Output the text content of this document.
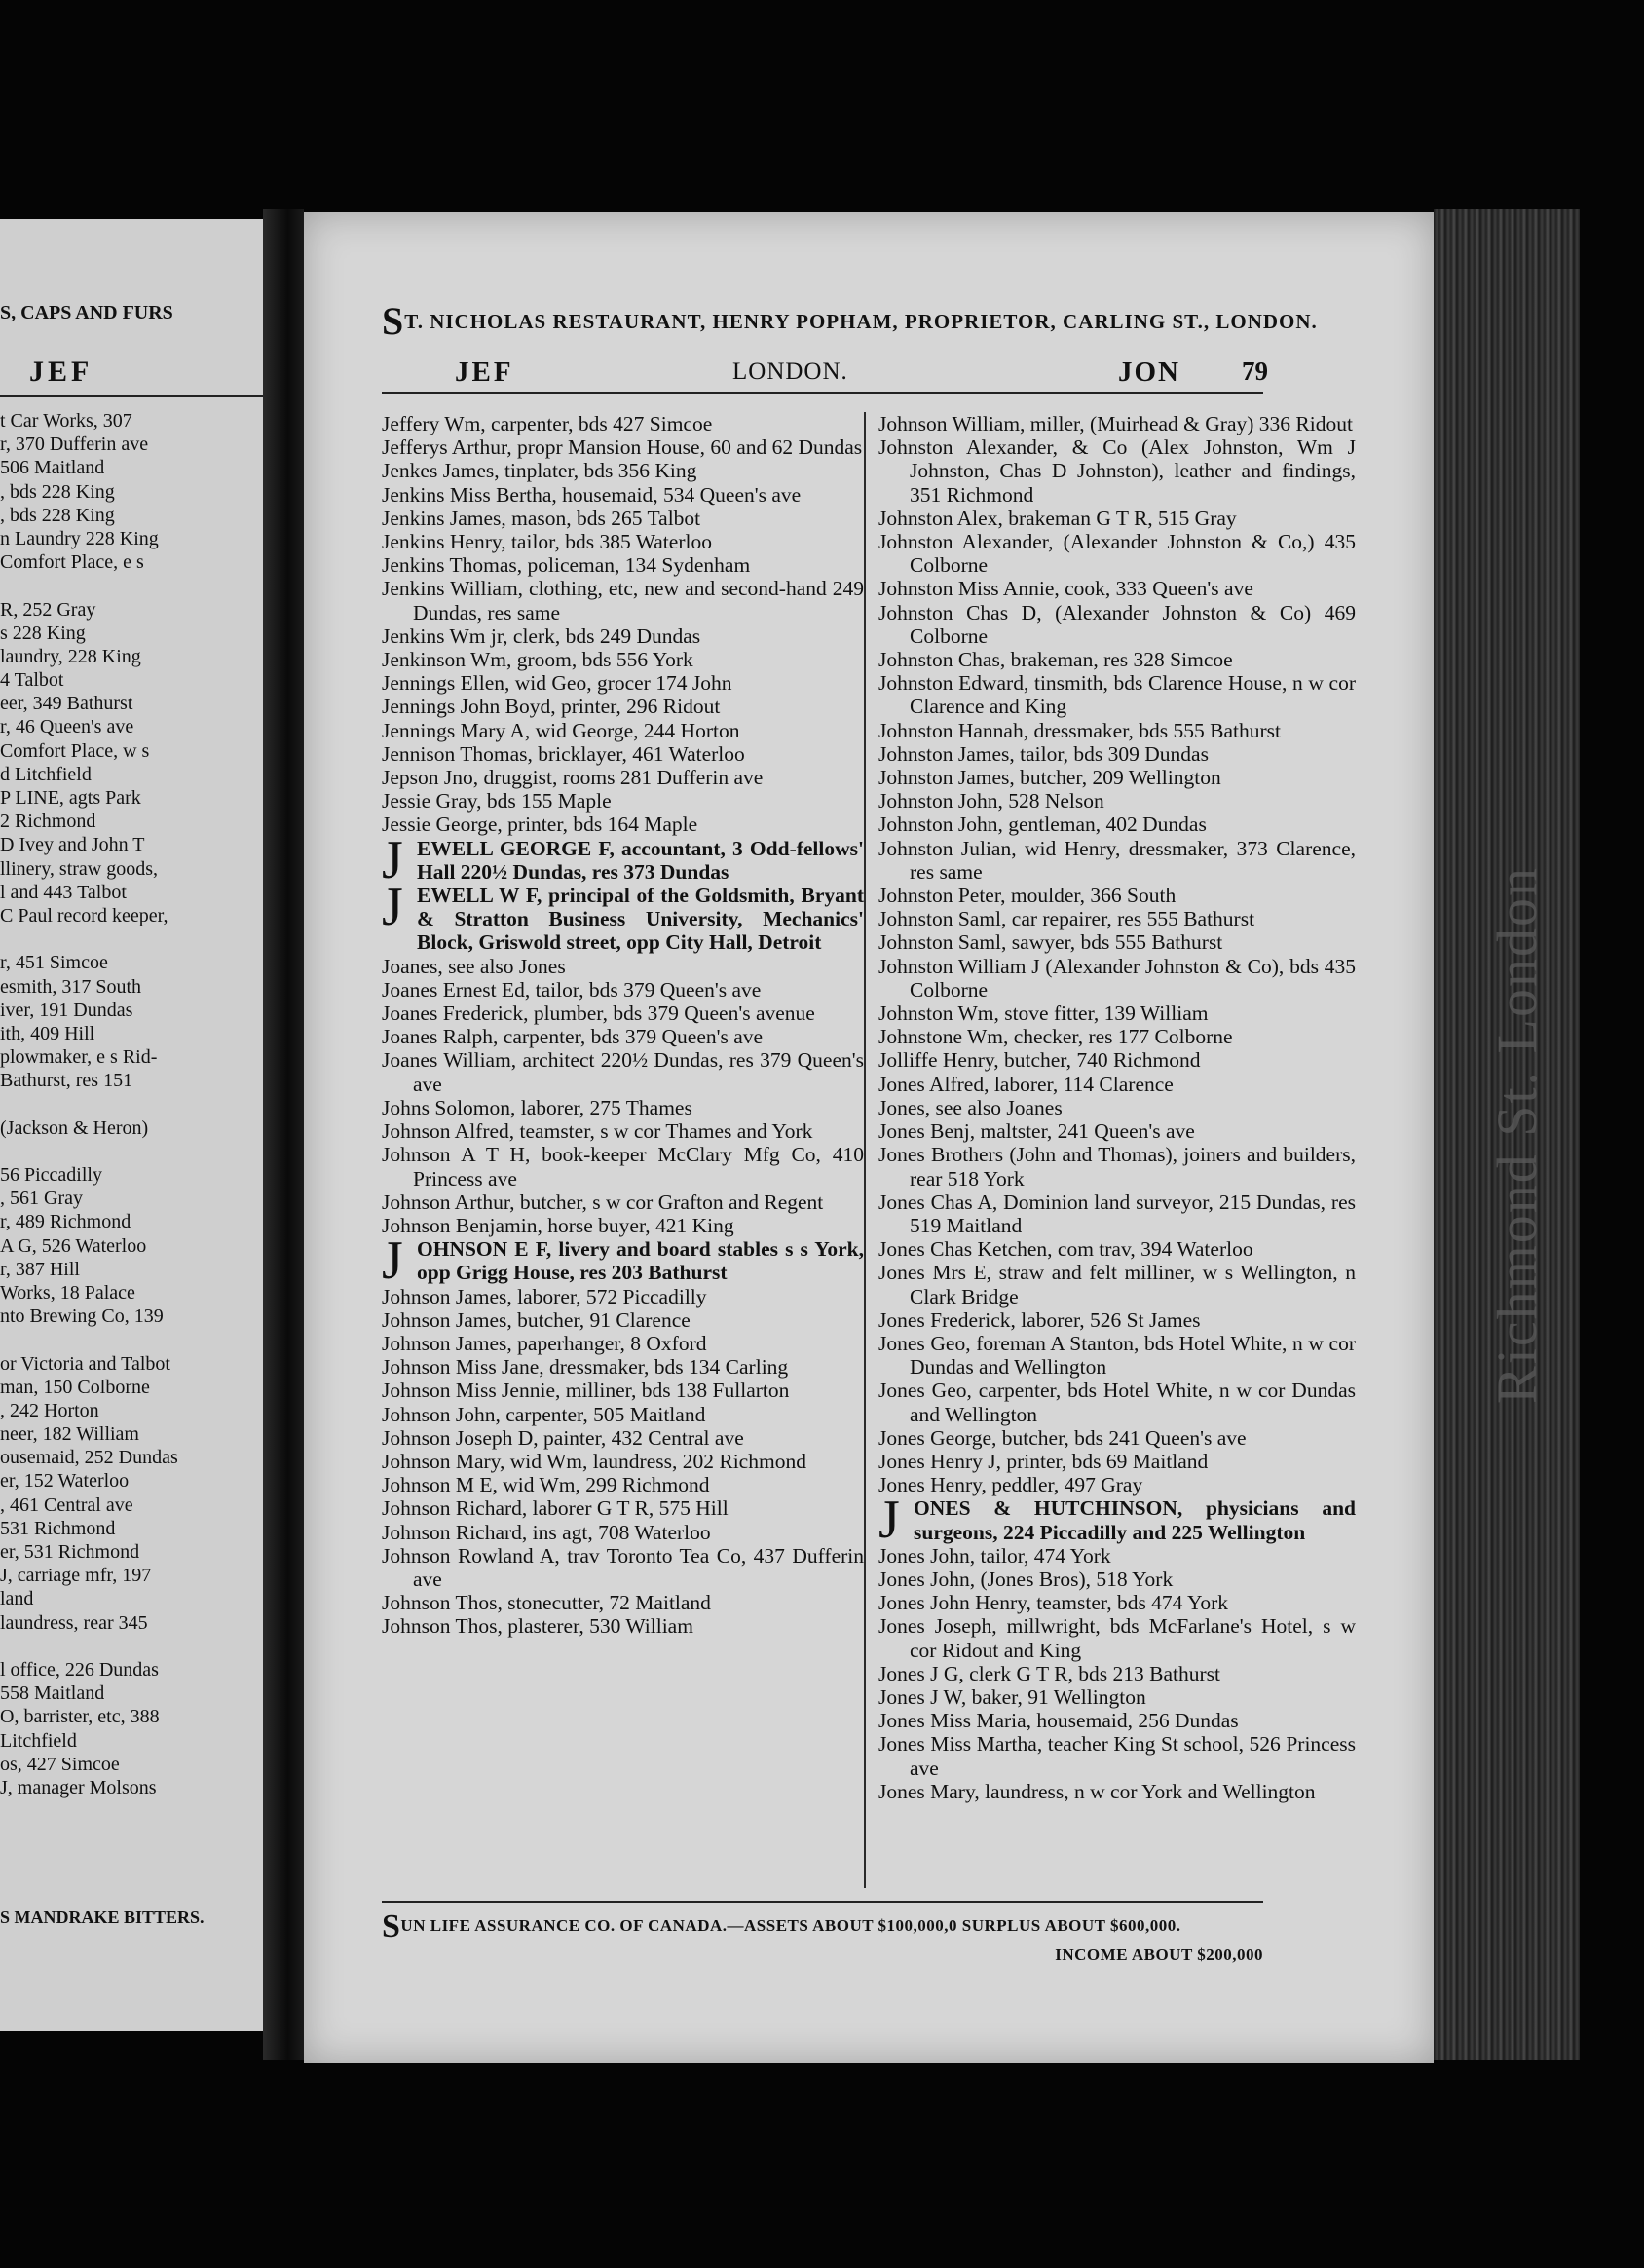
S, CAPS AND FURS
JEF
t Car Works, 307
r, 370 Dufferin ave
506 Maitland
, bds 228 King
, bds 228 King
n Laundry 228 King
Comfort Place, e s

R, 252 Gray
s 228 King
laundry, 228 King
4 Talbot
eer, 349 Bathurst
r, 46 Queen's ave
Comfort Place, w s
d Litchfield
P LINE, agts Park
2 Richmond
D Ivey and John T
llinery, straw goods,
l and 443 Talbot
C Paul record keeper,

r, 451 Simcoe
esmith, 317 South
iver, 191 Dundas
ith, 409 Hill
plowmaker, e s Rid-
Bathurst, res 151

(Jackson & Heron)

56 Piccadilly
, 561 Gray
r, 489 Richmond
A G, 526 Waterloo
r, 387 Hill
Works, 18 Palace
nto Brewing Co, 139

or Victoria and Talbot
man, 150 Colborne
, 242 Horton
neer, 182 William
ousemaid, 252 Dundas
er, 152 Waterloo
, 461 Central ave
531 Richmond
er, 531 Richmond
J, carriage mfr, 197
land
laundress, rear 345

l office, 226 Dundas
558 Maitland
O, barrister, etc, 388
Litchfield
os, 427 Simcoe
J, manager Molsons
S MANDRAKE BITTERS.
ST. NICHOLAS RESTAURANT, HENRY POPHAM, PROPRIETOR, CARLING ST., LONDON.
JEF	LONDON.	JON 79
Jeffery Wm, carpenter, bds 427 Simcoe
Jefferys Arthur, propr Mansion House, 60 and 62 Dundas
Jenkes James, tinplater, bds 356 King
Jenkins Miss Bertha, housemaid, 534 Queen's ave
Jenkins James, mason, bds 265 Talbot
Jenkins Henry, tailor, bds 385 Waterloo
Jenkins Thomas, policeman, 134 Sydenham
Jenkins William, clothing, etc, new and second-hand 249 Dundas, res same
Jenkins Wm jr, clerk, bds 249 Dundas
Jenkinson Wm, groom, bds 556 York
Jennings Ellen, wid Geo, grocer 174 John
Jennings John Boyd, printer, 296 Ridout
Jennings Mary A, wid George, 244 Horton
Jennison Thomas, bricklayer, 461 Waterloo
Jepson Jno, druggist, rooms 281 Dufferin ave
Jessie Gray, bds 155 Maple
Jessie George, printer, bds 164 Maple
J EWELL GEORGE F, accountant, 3 Odd-fellows' Hall 220½ Dundas, res 373 Dundas
J EWELL W F, principal of the Goldsmith, Bryant & Stratton Business University, Mechanics' Block, Griswold street, opp City Hall, Detroit
Joanes, see also Jones
Joanes Ernest Ed, tailor, bds 379 Queen's ave
Joanes Frederick, plumber, bds 379 Queen's avenue
Joanes Ralph, carpenter, bds 379 Queen's ave
Joanes William, architect 220½ Dundas, res 379 Queen's ave
Johns Solomon, laborer, 275 Thames
Johnson Alfred, teamster, s w cor Thames and York
Johnson A T H, book-keeper McClary Mfg Co, 410 Princess ave
Johnson Arthur, butcher, s w cor Grafton and Regent
Johnson Benjamin, horse buyer, 421 King
J OHNSON E F, livery and board stables s s York, opp Grigg House, res 203 Bathurst
Johnson James, laborer, 572 Piccadilly
Johnson James, butcher, 91 Clarence
Johnson James, paperhanger, 8 Oxford
Johnson Miss Jane, dressmaker, bds 134 Carling
Johnson Miss Jennie, milliner, bds 138 Fullarton
Johnson John, carpenter, 505 Maitland
Johnson Joseph D, painter, 432 Central ave
Johnson Mary, wid Wm, laundress, 202 Richmond
Johnson M E, wid Wm, 299 Richmond
Johnson Richard, laborer G T R, 575 Hill
Johnson Richard, ins agt, 708 Waterloo
Johnson Rowland A, trav Toronto Tea Co, 437 Dufferin ave
Johnson Thos, stonecutter, 72 Maitland
Johnson Thos, plasterer, 530 William
Johnson William, miller, (Muirhead & Gray) 336 Ridout
Johnston Alexander, & Co (Alex Johnston, Wm J Johnston, Chas D Johnston), leather and findings, 351 Richmond
Johnston Alex, brakeman G T R, 515 Gray
Johnston Alexander, (Alexander Johnston & Co,) 435 Colborne
Johnston Miss Annie, cook, 333 Queen's ave
Johnston Chas D, (Alexander Johnston & Co) 469 Colborne
Johnston Chas, brakeman, res 328 Simcoe
Johnston Edward, tinsmith, bds Clarence House, n w cor Clarence and King
Johnston Hannah, dressmaker, bds 555 Bathurst
Johnston James, tailor, bds 309 Dundas
Johnston James, butcher, 209 Wellington
Johnston John, 528 Nelson
Johnston John, gentleman, 402 Dundas
Johnston Julian, wid Henry, dressmaker, 373 Clarence, res same
Johnston Peter, moulder, 366 South
Johnston Saml, car repairer, res 555 Bathurst
Johnston Saml, sawyer, bds 555 Bathurst
Johnston William J (Alexander Johnston & Co), bds 435 Colborne
Johnston Wm, stove fitter, 139 William
Johnstone Wm, checker, res 177 Colborne
Jolliffe Henry, butcher, 740 Richmond
Jones Alfred, laborer, 114 Clarence
Jones, see also Joanes
Jones Benj, maltster, 241 Queen's ave
Jones Brothers (John and Thomas), joiners and builders, rear 518 York
Jones Chas A, Dominion land surveyor, 215 Dundas, res 519 Maitland
Jones Chas Ketchen, com trav, 394 Waterloo
Jones Mrs E, straw and felt milliner, w s Wellington, n Clark Bridge
Jones Frederick, laborer, 526 St James
Jones Geo, foreman A Stanton, bds Hotel White, n w cor Dundas and Wellington
Jones Geo, carpenter, bds Hotel White, n w cor Dundas and Wellington
Jones George, butcher, bds 241 Queen's ave
Jones Henry J, printer, bds 69 Maitland
Jones Henry, peddler, 497 Gray
J ONES & HUTCHINSON, physicians and surgeons, 224 Piccadilly and 225 Wellington
Jones John, tailor, 474 York
Jones John, (Jones Bros), 518 York
Jones John Henry, teamster, bds 474 York
Jones Joseph, millwright, bds McFarlane's Hotel, s w cor Ridout and King
Jones J G, clerk G T R, bds 213 Bathurst
Jones J W, baker, 91 Wellington
Jones Miss Maria, housemaid, 256 Dundas
Jones Miss Martha, teacher King St school, 526 Princess ave
Jones Mary, laundress, n w cor York and Wellington
SUN LIFE ASSURANCE CO. OF CANADA.—ASSETS ABOUT $100,000,0 SURPLUS ABOUT $600,000.
INCOME ABOUT $200,000
Richmond St. London
